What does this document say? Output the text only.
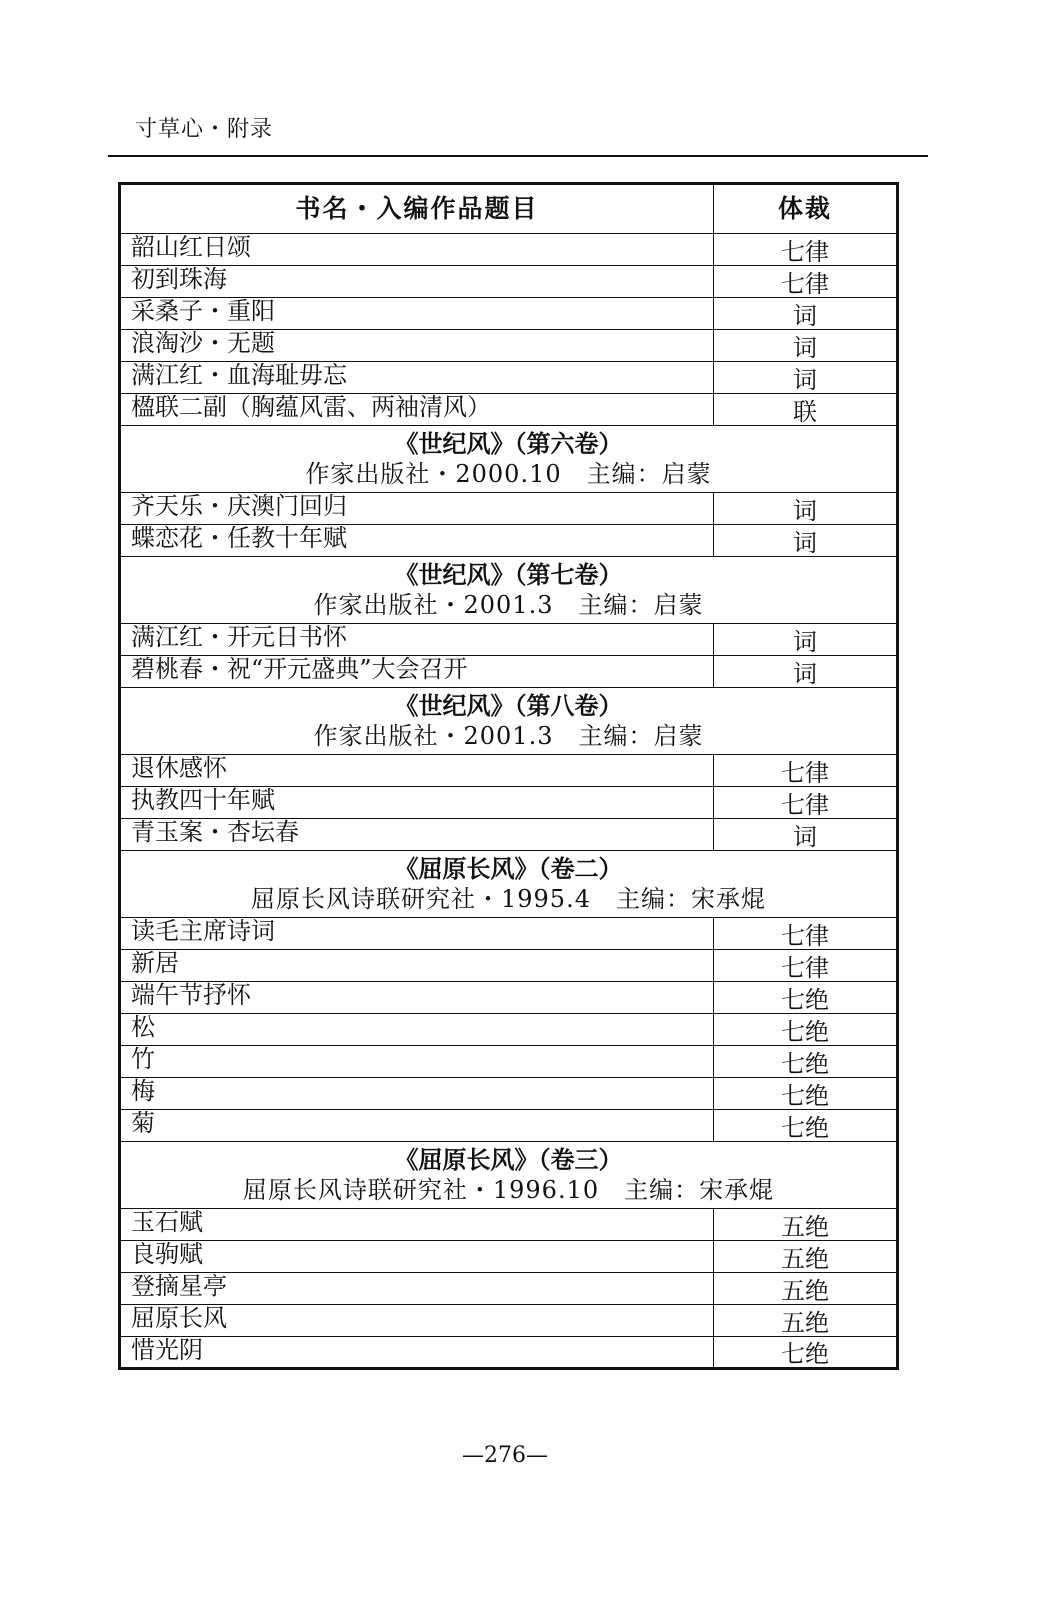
寸草心・附录
书名・入编作品题目	体裁
韶山红日颂	七律
初到珠海	七律
采桑子・重阳	词
浪淘沙・无题	词
满江红・血海耻毋忘	词
楹联二副（胸蕴风雷、两袖清风）	联

《世纪风》（第六卷）
作家出版社・2000.10　主编：启蒙	

齐天乐・庆澳门回归	词
蝶恋花・任教十年赋	词

《世纪风》（第七卷）
作家出版社・2001.3　主编：启蒙	

满江红・开元日书怀	词
碧桃春・祝“开元盛典”大会召开	词

《世纪风》（第八卷）
作家出版社・2001.3　主编：启蒙	

退休感怀	七律
执教四十年赋	七律
青玉案・杏坛春	词

《屈原长风》（卷二）
屈原长风诗联研究社・1995.4　主编：宋承焜	

读毛主席诗词	七律
新居	七律
端午节抒怀	七绝
松	七绝
竹	七绝
梅	七绝
菊	七绝

《屈原长风》（卷三）
屈原长风诗联研究社・1996.10　主编：宋承焜	

玉石赋	五绝
良驹赋	五绝
登摘星亭	五绝
屈原长风	五绝
惜光阴	七绝
—276—
